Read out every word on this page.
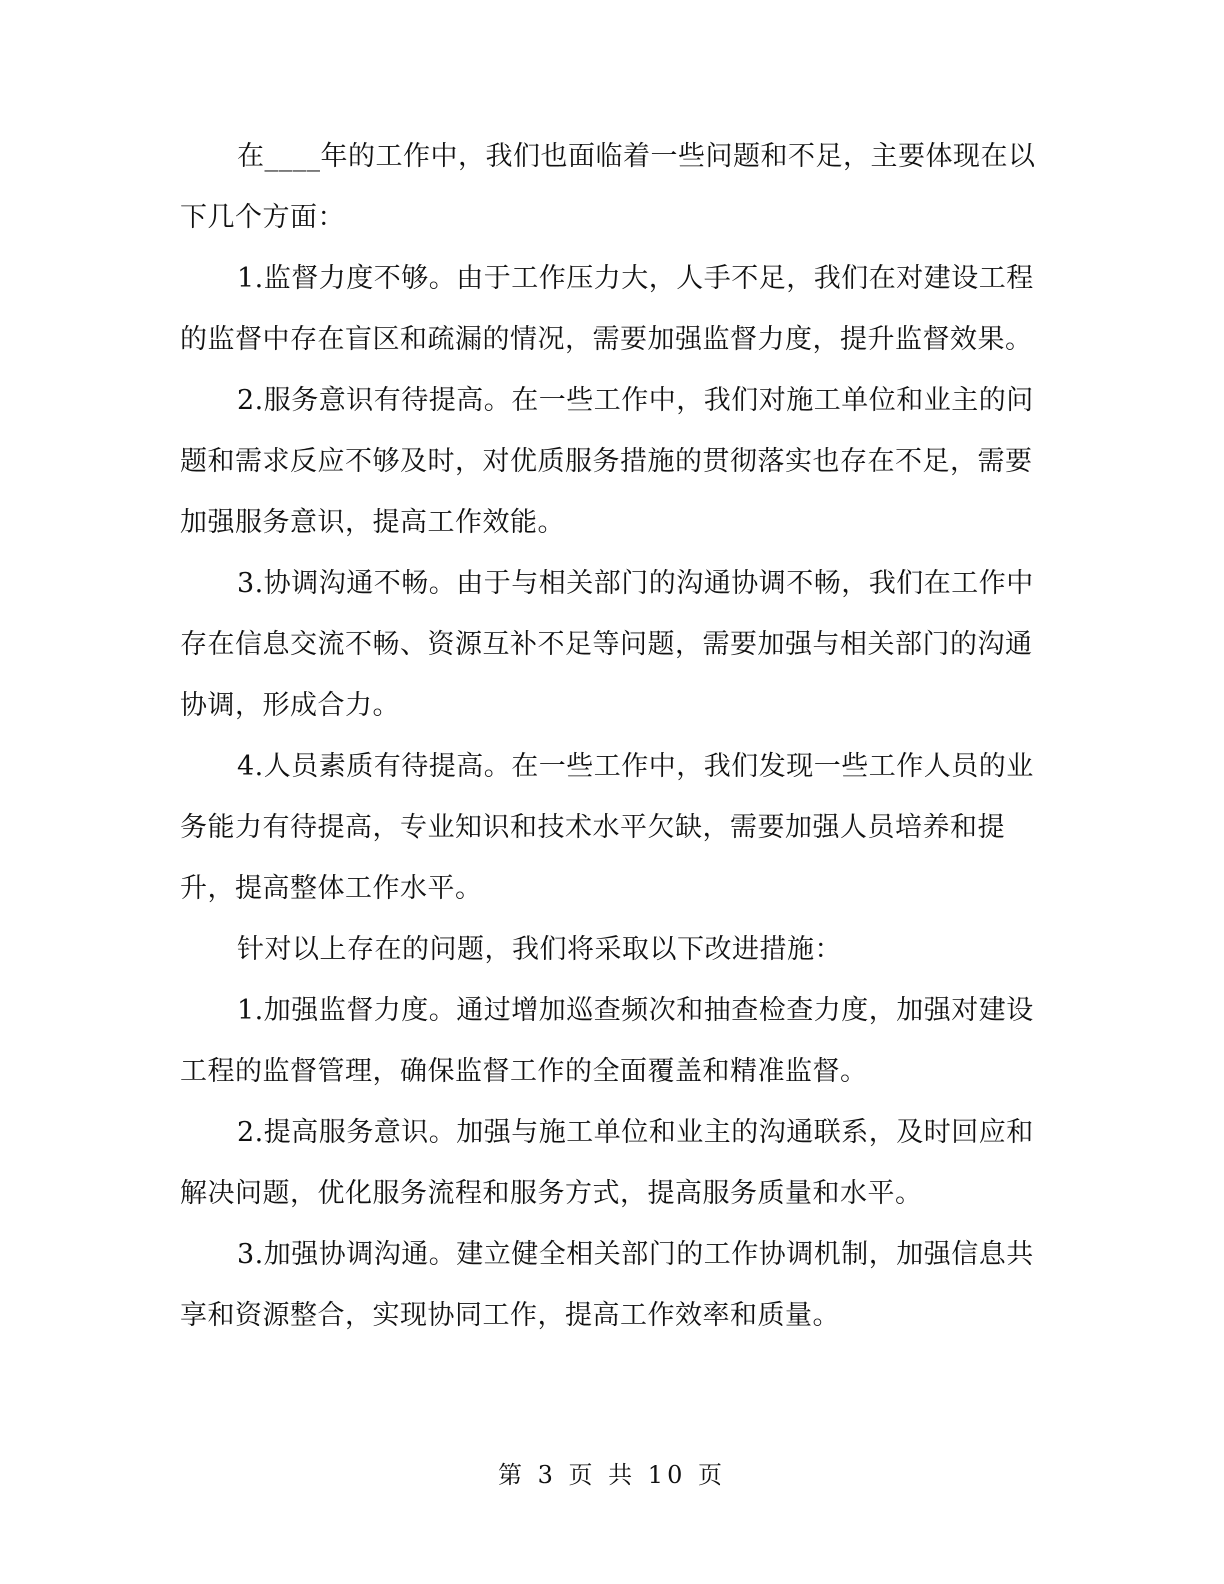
在____年的工作中，我们也面临着一些问题和不足，主要体现在以下几个方面：

1.监督力度不够。由于工作压力大，人手不足，我们在对建设工程的监督中存在盲区和疏漏的情况，需要加强监督力度，提升监督效果。

2.服务意识有待提高。在一些工作中，我们对施工单位和业主的问题和需求反应不够及时，对优质服务措施的贯彻落实也存在不足，需要加强服务意识，提高工作效能。

3.协调沟通不畅。由于与相关部门的沟通协调不畅，我们在工作中存在信息交流不畅、资源互补不足等问题，需要加强与相关部门的沟通协调，形成合力。

4.人员素质有待提高。在一些工作中，我们发现一些工作人员的业务能力有待提高，专业知识和技术水平欠缺，需要加强人员培养和提升，提高整体工作水平。

针对以上存在的问题，我们将采取以下改进措施：

1.加强监督力度。通过增加巡查频次和抽查检查力度，加强对建设工程的监督管理，确保监督工作的全面覆盖和精准监督。

2.提高服务意识。加强与施工单位和业主的沟通联系，及时回应和解决问题，优化服务流程和服务方式，提高服务质量和水平。

3.加强协调沟通。建立健全相关部门的工作协调机制，加强信息共享和资源整合，实现协同工作，提高工作效率和质量。

第 3 页 共 10 页
